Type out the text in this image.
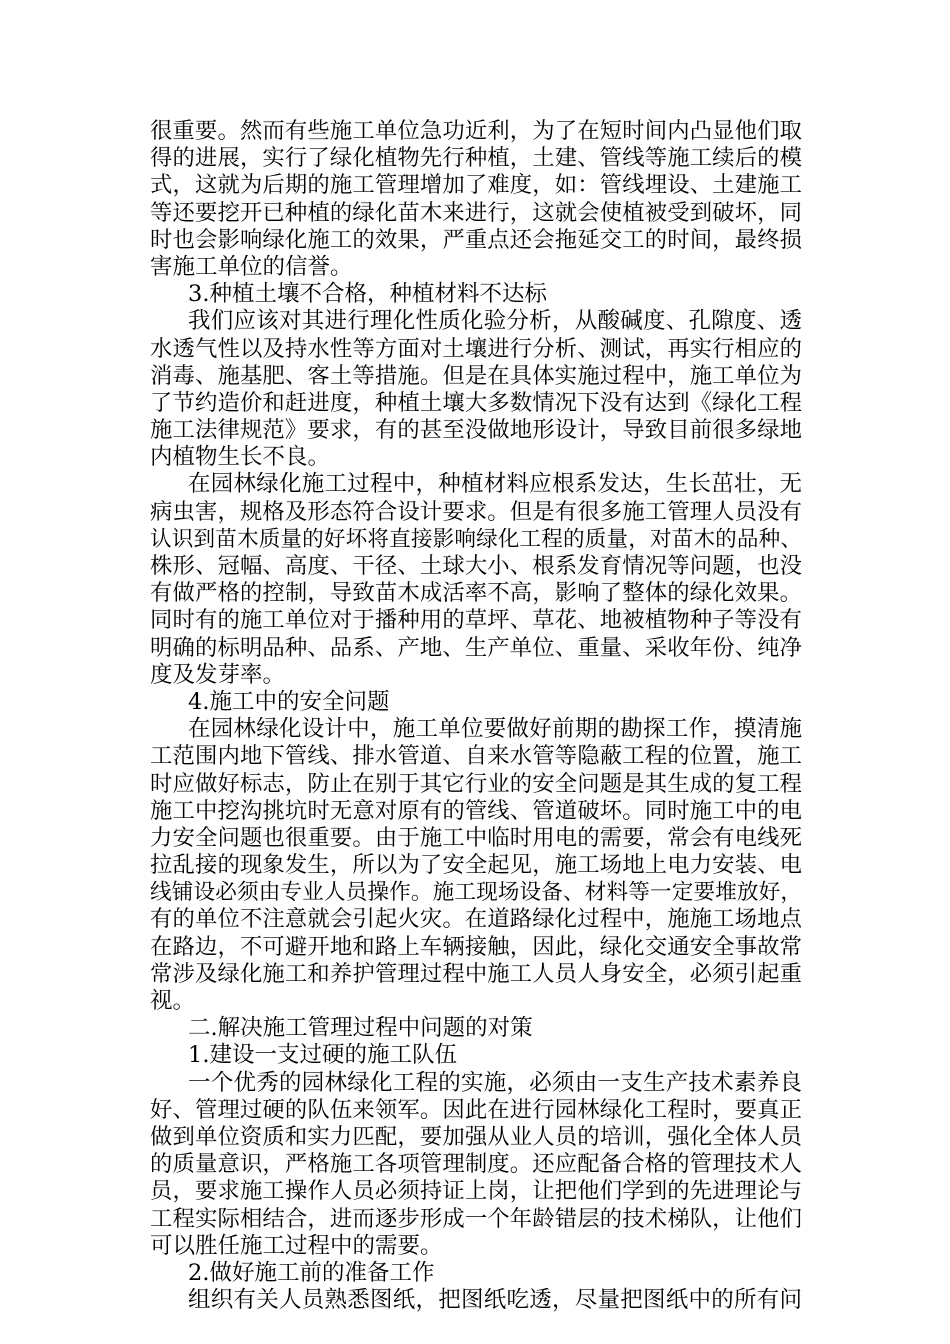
很重要。然而有些施工单位急功近利，为了在短时间内凸显他们取
得的进展，实行了绿化植物先行种植，土建、管线等施工续后的模
式，这就为后期的施工管理增加了难度，如：管线埋设、土建施工
等还要挖开已种植的绿化苗木来进行，这就会使植被受到破坏，同
时也会影响绿化施工的效果，严重点还会拖延交工的时间，最终损
害施工单位的信誉。
3.种植土壤不合格，种植材料不达标
我们应该对其进行理化性质化验分析，从酸碱度、孔隙度、透
水透气性以及持水性等方面对土壤进行分析、测试，再实行相应的
消毒、施基肥、客土等措施。但是在具体实施过程中，施工单位为
了节约造价和赶进度，种植土壤大多数情况下没有达到《绿化工程
施工法律规范》要求，有的甚至没做地形设计，导致目前很多绿地
内植物生长不良。
在园林绿化施工过程中，种植材料应根系发达，生长茁壮，无
病虫害，规格及形态符合设计要求。但是有很多施工管理人员没有
认识到苗木质量的好坏将直接影响绿化工程的质量，对苗木的品种、
株形、冠幅、高度、干径、土球大小、根系发育情况等问题，也没
有做严格的控制，导致苗木成活率不高，影响了整体的绿化效果。
同时有的施工单位对于播种用的草坪、草花、地被植物种子等没有
明确的标明品种、品系、产地、生产单位、重量、采收年份、纯净
度及发芽率。
4.施工中的安全问题
在园林绿化设计中，施工单位要做好前期的勘探工作，摸清施
工范围内地下管线、排水管道、自来水管等隐蔽工程的位置，施工
时应做好标志，防止在别于其它行业的安全问题是其生成的复工程
施工中挖沟挑坑时无意对原有的管线、管道破坏。同时施工中的电
力安全问题也很重要。由于施工中临时用电的需要，常会有电线死
拉乱接的现象发生，所以为了安全起见，施工场地上电力安装、电
线铺设必须由专业人员操作。施工现场设备、材料等一定要堆放好，
有的单位不注意就会引起火灾。在道路绿化过程中，施施工场地点
在路边，不可避开地和路上车辆接触，因此，绿化交通安全事故常
常涉及绿化施工和养护管理过程中施工人员人身安全，必须引起重
视。
二.解决施工管理过程中问题的对策
1.建设一支过硬的施工队伍
一个优秀的园林绿化工程的实施，必须由一支生产技术素养良
好、管理过硬的队伍来领军。因此在进行园林绿化工程时，要真正
做到单位资质和实力匹配，要加强从业人员的培训，强化全体人员
的质量意识，严格施工各项管理制度。还应配备合格的管理技术人
员，要求施工操作人员必须持证上岗，让把他们学到的先进理论与
工程实际相结合，进而逐步形成一个年龄错层的技术梯队，让他们
可以胜任施工过程中的需要。
2.做好施工前的准备工作
组织有关人员熟悉图纸，把图纸吃透，尽量把图纸中的所有问
